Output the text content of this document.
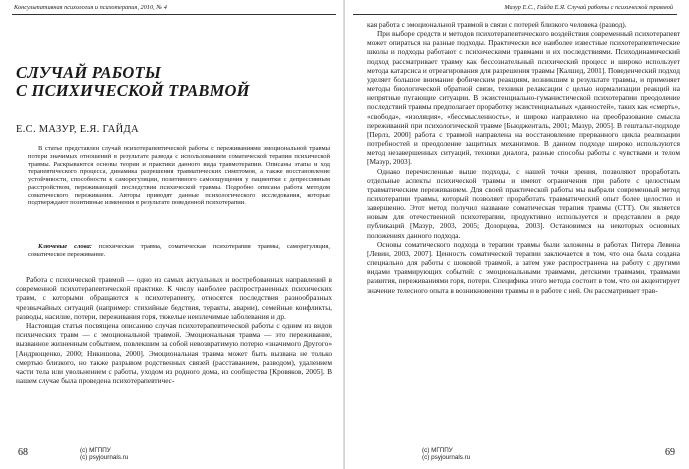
Консультативная психология и психотерапия, 2010, № 4
СЛУЧАЙ РАБОТЫ
С ПСИХИЧЕСКОЙ ТРАВМОЙ
Е.С. МАЗУР, Е.Я. ГАЙДА

В статье представлен случай психотерапевтической работы с переживаниями эмоциональной травмы потери значимых отношений в результате развода с использованием соматической терапии психической травмы. Раскрываются основы теории и практики данного вида травмотерапии. Описаны этапы и ход терапевтического процесса, динамика разрешения травматических симптомов, а также восстановление устойчивости, способности к саморегуляции, позитивного самоощущения у пациентки с депрессивным расстройством, переживающей последствия психической травмы. Подробно описана работа методом соматического переживания. Авторы приводят данные психологического исследования, которые подтверждают позитивные изменения в результате поведенной психотерапии.

Ключевые слова: психическая травма, соматическая психотерапия травмы, саморегуляция, соматическое переживание.

Работа с психической травмой — одно из самых актуальных и востребованных направлений в современной психотерапевтической практике. К числу наиболее распространенных психических травм, с которыми обращаются к психотерапевту, относятся последствия разнообразных чрезвычайных ситуаций (например: стихийные бедствия, теракты, аварии), семейные конфликты, разводы, насилие, потери, переживания горя, тяжелые неизлечимые заболевания и др.

Настоящая статья посвящена описанию случая психотерапевтической работы с одним из видов психических травм — с эмоциональной травмой. Эмоциональная травма — это переживание, вызванное жизненным событием, повлекшим за собой невозвратимую потерю «значимого Другого» [Андрющенко, 2000; Никишова, 2000]. Эмоциональная травма может быть вызвана не только смертью близкого, но также разрывом родственных связей (расставанием, разводом), удалением части тела или увольнением с работы, уходом из родного дома, из сообщества [Кровяков, 2005]. В нашем случае была проведена психотерапевтичес-

68	(с) МГППУ
(с) psyjournals.ru
Мазур Е.С., Гайда Е.Я. Случай работы с психической травмой

кая работа с эмоциональной травмой в связи с потерей близкого человека (развод).

При выборе средств и методов психотерапевтического воздействия современный психотерапевт может опираться на разные подходы. Практически все наиболее известные психотерапевтические школы и подходы работают с психическими травмами и их последствиями. Психодинамический подход рассматривает травму как бессознательный психический процесс и широко использует метода катарсиса и отреагирования для разрешения травмы [Калшед, 2001]. Поведенческий подход уделяет большое внимание фобическим реакциям, возникшим в результате травмы, и применяет методы биологической обратной связи, техники релаксации с целью нормализации реакций на непрятные пугающие ситуации. В экзистенциально-гуманистической психотерапии преодоление последствий травмы предполагает проработку экзистенциальных «данностей», таких как «смерть», «свобода», «изоляция», «бессмысленность», и широко направлено на преобразование смысла переживаний при психологической травме [Бьюдженталь, 2001; Мазур, 2005]. В гештальт-подходе [Перлз, 2000] работа с травмой направлена на восстановление прерванного цикла реализации потребностей и преодоление защитных механизмов. В данном подходе широко используются метод незавершенных ситуаций, техники диалога, разные способы работы с чувствами и телом [Мазур, 2003].

Однако перечисленные выше подходы, с нашей точки зрения, позволяют проработать отдельные аспекты психической травмы и имеют ограничения при работе с целостным травматическим переживанием. Для своей практической работы мы выбрали современный метод психотерапии травмы, который позволяет проработать травматический опыт более целостно и завершенно. Этот метод получил название соматическая терапия травмы (СТТ). Он является новым для отечественной психотерапии, продуктивно используется и представлен в ряде публикаций [Мазур, 2003, 2005; Дозорцева, 2003]. Остановимся на некоторых основных положениях данного подхода.

Основы соматического подхода в терапии травмы были заложены в работах Питера Левина [Левин, 2003, 2007]. Ценность соматической терапии заключается в том, что она была создана специально для работы с шоковой травмой, а затем уже распространена на работу с другими видами травмирующих событий: с эмоциональными травмами, детскими травмами, травмами развития, переживаниями горя, потери. Специфика этого метода состоит в том, что он акцентирует значение телесного опыта в возникновении травмы и в работе с ней. Он рассматривает трав-

(с) МГППУ
(с) psyjournals.ru	69
